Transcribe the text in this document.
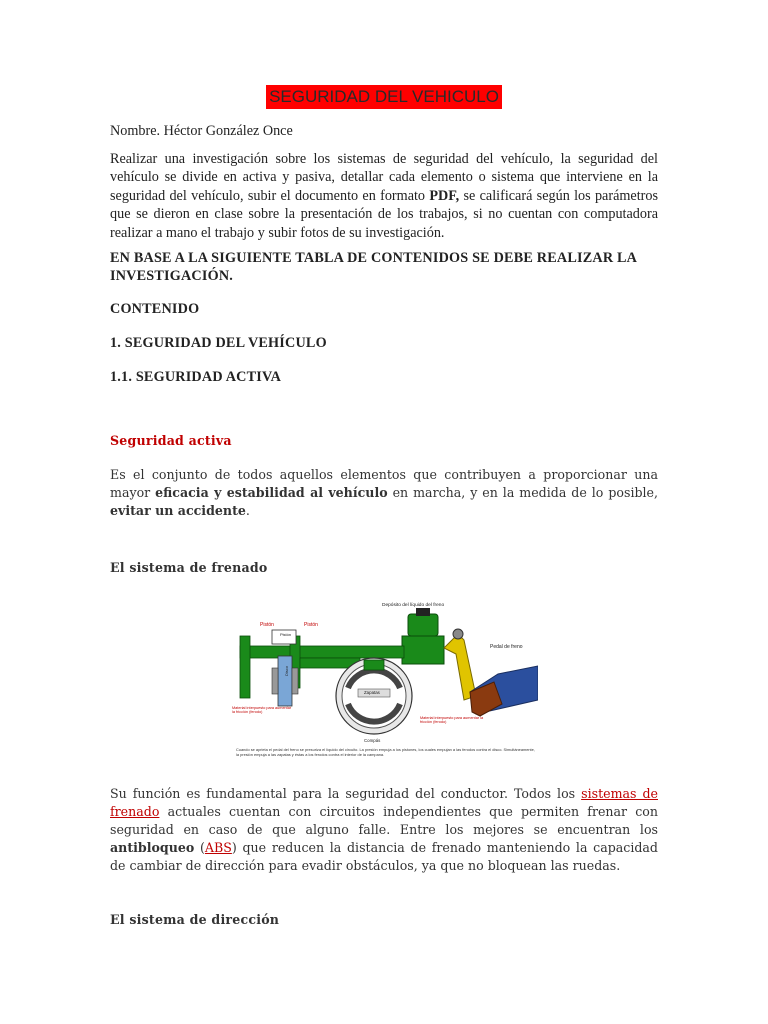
SEGURIDAD DEL VEHICULO
Nombre. Héctor González Once
Realizar una investigación sobre los sistemas de seguridad del vehículo, la seguridad del vehículo se divide en activa y pasiva, detallar cada elemento o sistema que interviene en la seguridad del vehículo, subir el documento en formato PDF, se calificará según los parámetros que se dieron en clase sobre la presentación de los trabajos, si no cuentan con computadora realizar a mano el trabajo y subir fotos de su investigación.
EN BASE A LA SIGUIENTE TABLA DE CONTENIDOS SE DEBE REALIZAR LA INVESTIGACIÓN.
CONTENIDO
1. SEGURIDAD DEL VEHÍCULO
1.1. SEGURIDAD ACTIVA
Seguridad activa
Es el conjunto de todos aquellos elementos que contribuyen a proporcionar una mayor eficacia y estabilidad al vehículo en marcha, y en la medida de lo posible, evitar un accidente.
El sistema de frenado
Depósito del líquido del freno
Pistón	Pistón
Pistón
Disco
Pedal de freno
Zapatas
Compás
Material interpuesto para aumentar la fricción (ferodo)
Material interpuesto para aumentar la fricción (ferodo)
Cuando se aprieta el pedal del freno se presuriza el líquido del circuito. La presión empuja a los pistones, los cuales empujan a las ferodos contra el disco. Simultáneamente, la presión empuja a las zapatas y éstas a los ferodos contra el interior de la campana.
Su función es fundamental para la seguridad del conductor. Todos los sistemas de frenado actuales cuentan con circuitos independientes que permiten frenar con seguridad en caso de que alguno falle. Entre los mejores se encuentran los antibloqueo (ABS) que reducen la distancia de frenado manteniendo la capacidad de cambiar de dirección para evadir obstáculos, ya que no bloquean las ruedas.
El sistema de dirección
